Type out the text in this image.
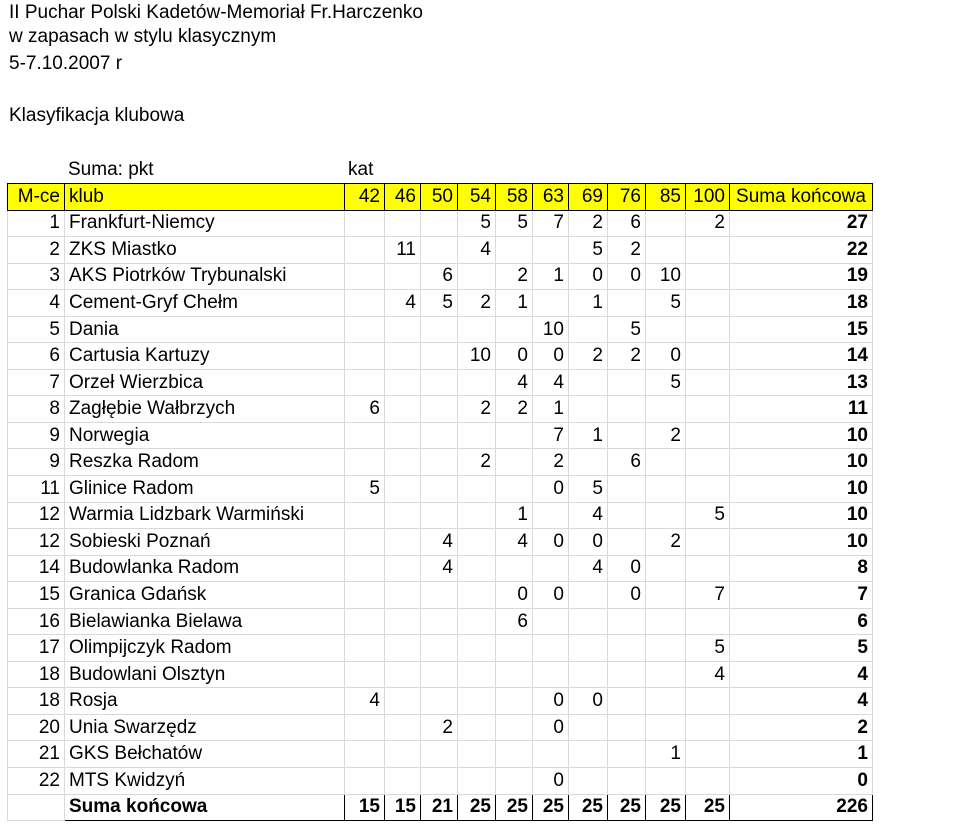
II Puchar Polski Kadetów-Memoriał Fr.Harczenko
w zapasach w stylu klasycznym
5-7.10.2007 r
Klasyfikacja klubowa
Suma: pkt	kat
M-ce	klub	42	46	50	54	58	63	69	76	85	100	Suma końcowa
1	Frankfurt-Niemcy				5	5	7	2	6		2	27
2	ZKS Miastko		11		4			5	2			22
3	AKS Piotrków Trybunalski			6		2	1	0	0	10		19
4	Cement-Gryf Chełm		4	5	2	1		1		5		18
5	Dania						10		5			15
6	Cartusia Kartuzy				10	0	0	2	2	0		14
7	Orzeł Wierzbica					4	4			5		13
8	Zagłębie Wałbrzych	6			2	2	1					11
9	Norwegia						7	1		2		10
9	Reszka Radom				2		2		6			10
11	Glinice Radom	5					0	5				10
12	Warmia Lidzbark Warmiński					1		4			5	10
12	Sobieski Poznań			4		4	0	0		2		10
14	Budowlanka Radom			4				4	0			8
15	Granica Gdańsk					0	0		0		7	7
16	Bielawianka Bielawa					6						6
17	Olimpijczyk Radom										5	5
18	Budowlani Olsztyn										4	4
18	Rosja	4					0	0				4
20	Unia Swarzędz			2			0					2
21	GKS Bełchatów									1		1
22	MTS Kwidzyń						0					0
	Suma końcowa	15	15	21	25	25	25	25	25	25	25	226
